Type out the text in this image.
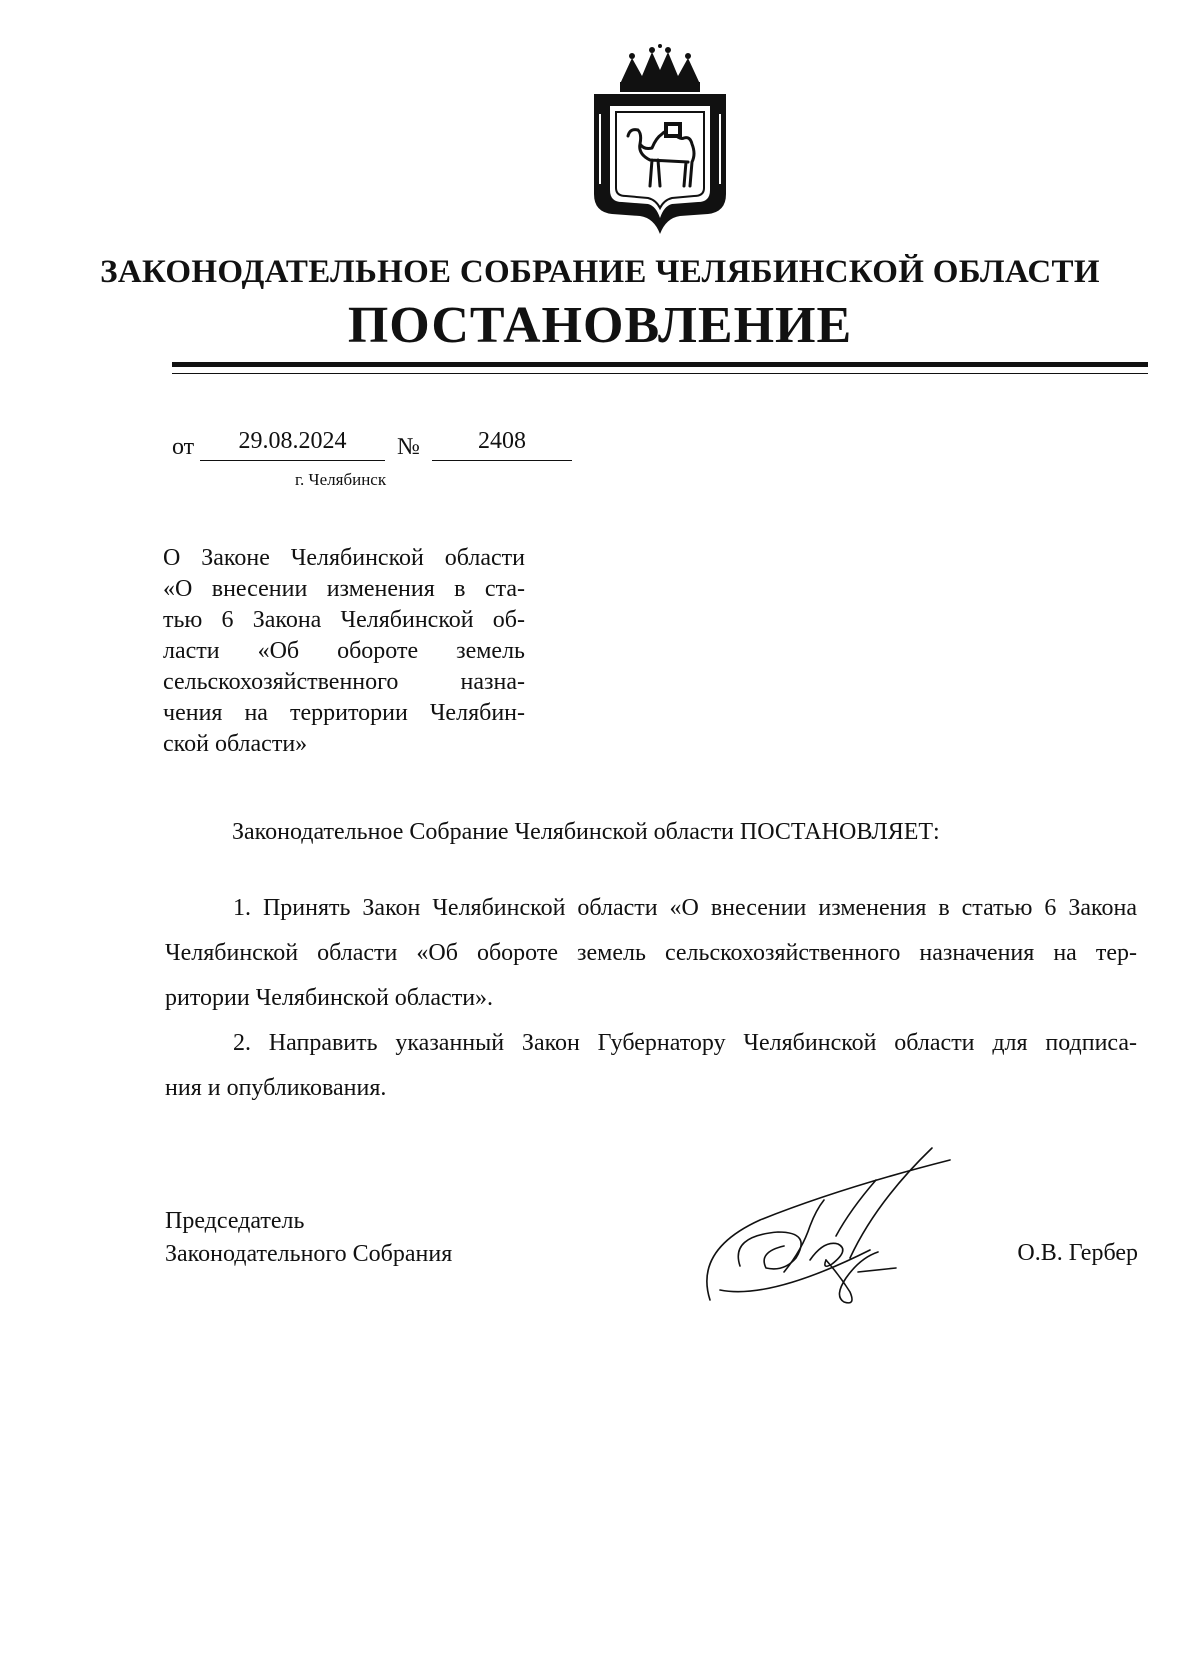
ЗАКОНОДАТЕЛЬНОЕ СОБРАНИЕ ЧЕЛЯБИНСКОЙ ОБЛАСТИ
ПОСТАНОВЛЕНИЕ
от	29.08.2024	№	2408
г. Челябинск
О Законе Челябинской области
«О внесении изменения в ста-
тью 6 Закона Челябинской об-
ласти «Об обороте земель
сельскохозяйственного назна-
чения на территории Челябин-
ской области»
Законодательное Собрание Челябинской области ПОСТАНОВЛЯЕТ:
1. Принять Закон Челябинской области «О внесении изменения в статью 6 Закона
Челябинской области «Об обороте земель сельскохозяйственного назначения на тер-
ритории Челябинской области».
2. Направить указанный Закон Губернатору Челябинской области для подписа-
ния и опубликования.
Председатель
Законодательного Собрания	О.В. Гербер
